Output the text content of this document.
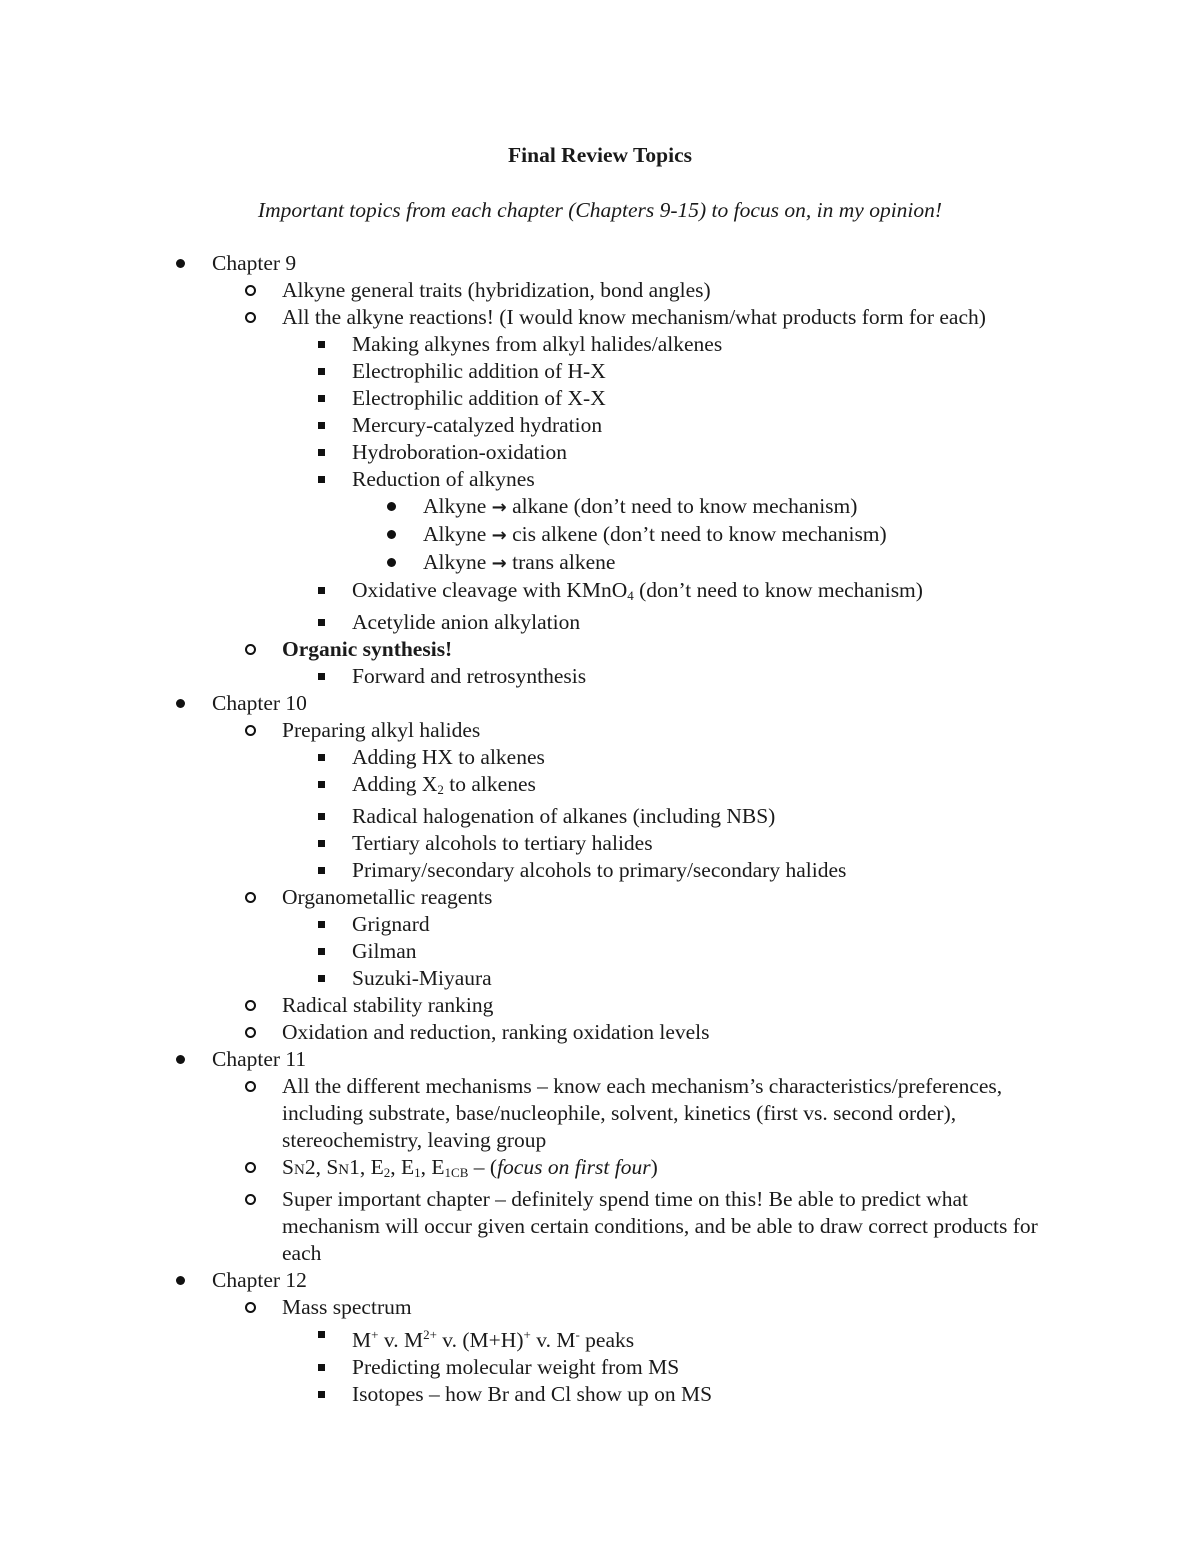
Final Review Topics
Important topics from each chapter (Chapters 9-15) to focus on, in my opinion!
Chapter 9
Alkyne general traits (hybridization, bond angles)
All the alkyne reactions! (I would know mechanism/what products form for each)
Making alkynes from alkyl halides/alkenes
Electrophilic addition of H-X
Electrophilic addition of X-X
Mercury-catalyzed hydration
Hydroboration-oxidation
Reduction of alkynes
Alkyne → alkane (don’t need to know mechanism)
Alkyne → cis alkene (don’t need to know mechanism)
Alkyne → trans alkene
Oxidative cleavage with KMnO$_4$ (don’t need to know mechanism)
Acetylide anion alkylation
Organic synthesis!
Forward and retrosynthesis
Chapter 10
Preparing alkyl halides
Adding HX to alkenes
Adding $X_2$ to alkenes
Radical halogenation of alkanes (including NBS)
Tertiary alcohols to tertiary halides
Primary/secondary alcohols to primary/secondary halides
Organometallic reagents
Grignard
Gilman
Suzuki-Miyaura
Radical stability ranking
Oxidation and reduction, ranking oxidation levels
Chapter 11
All the different mechanisms – know each mechanism’s characteristics/preferences, including substrate, base/nucleophile, solvent, kinetics (first vs. second order), stereochemistry, leaving group
SN2, SN1, $E_2$, $E_1$, $E_{1CB}$ – (focus on first four)
Super important chapter – definitely spend time on this! Be able to predict what mechanism will occur given certain conditions, and be able to draw correct products for each
Chapter 12
Mass spectrum
M+ v. $M^{2+}$ v. (M+H)+ v. M- peaks
Predicting molecular weight from MS
Isotopes – how Br and Cl show up on MS
